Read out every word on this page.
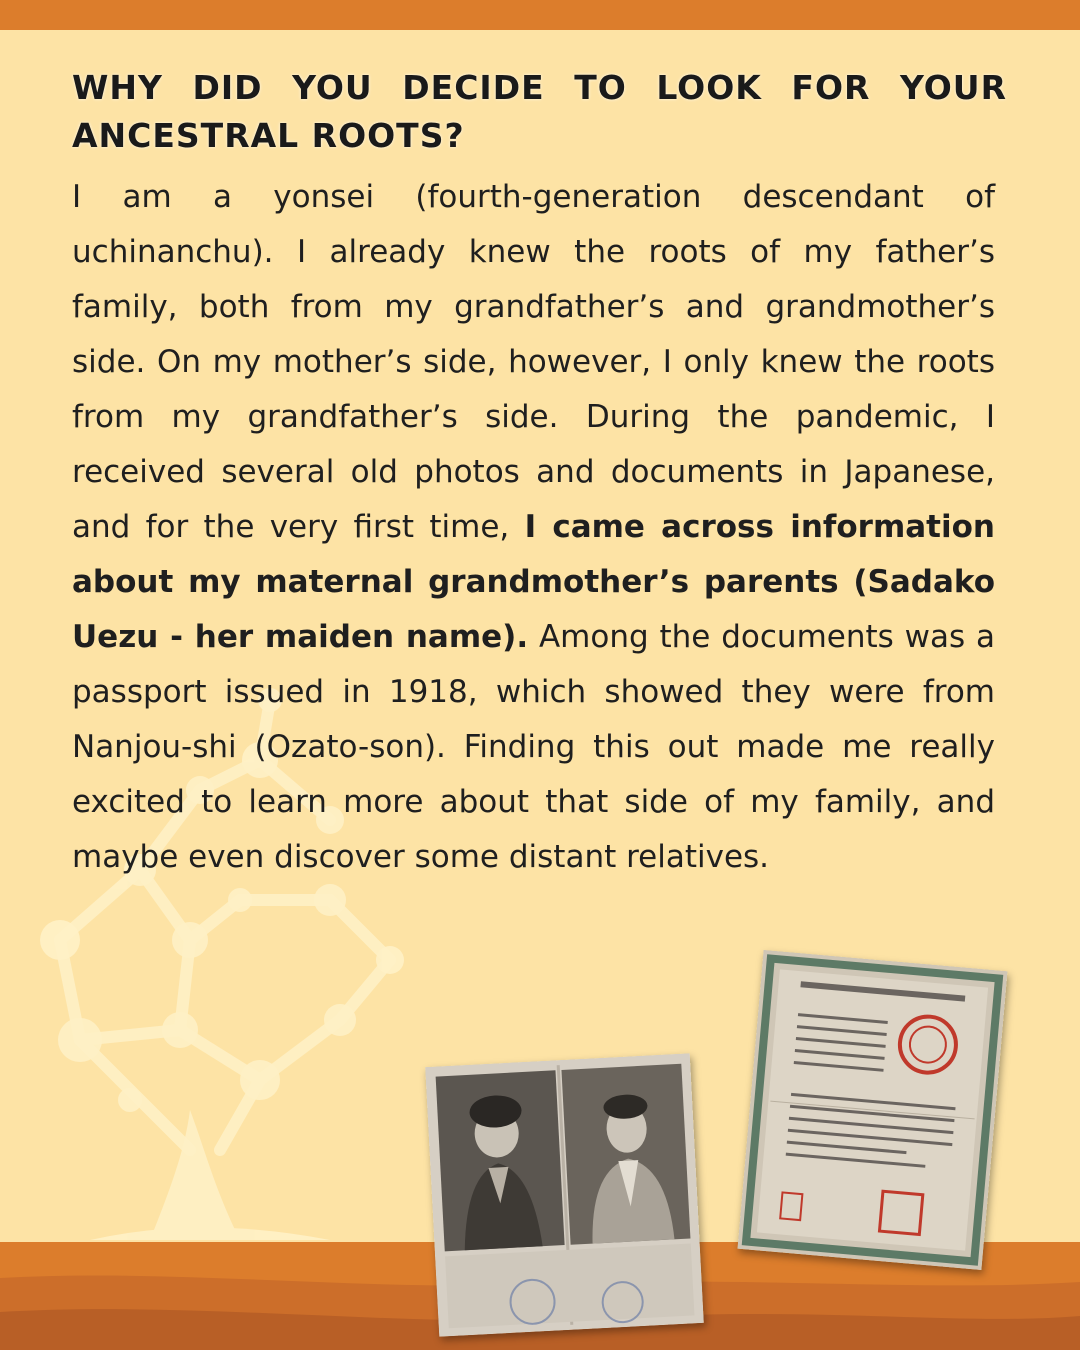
WHY DID YOU DECIDE TO LOOK FOR YOUR ANCESTRAL ROOTS?

I am a yonsei (fourth-generation descendant of uchinanchu). I already knew the roots of my father’s family, both from my grandfather’s and grandmother’s side. On my mother’s side, however, I only knew the roots from my grandfather’s side. During the pandemic, I received several old photos and documents in Japanese, and for the very first time, I came across information about my maternal grandmother’s parents (Sadako Uezu - her maiden name). Among the documents was a passport issued in 1918, which showed they were from Nanjou-shi (Ozato-son). Finding this out made me really excited to learn more about that side of my family, and maybe even discover some distant relatives.
